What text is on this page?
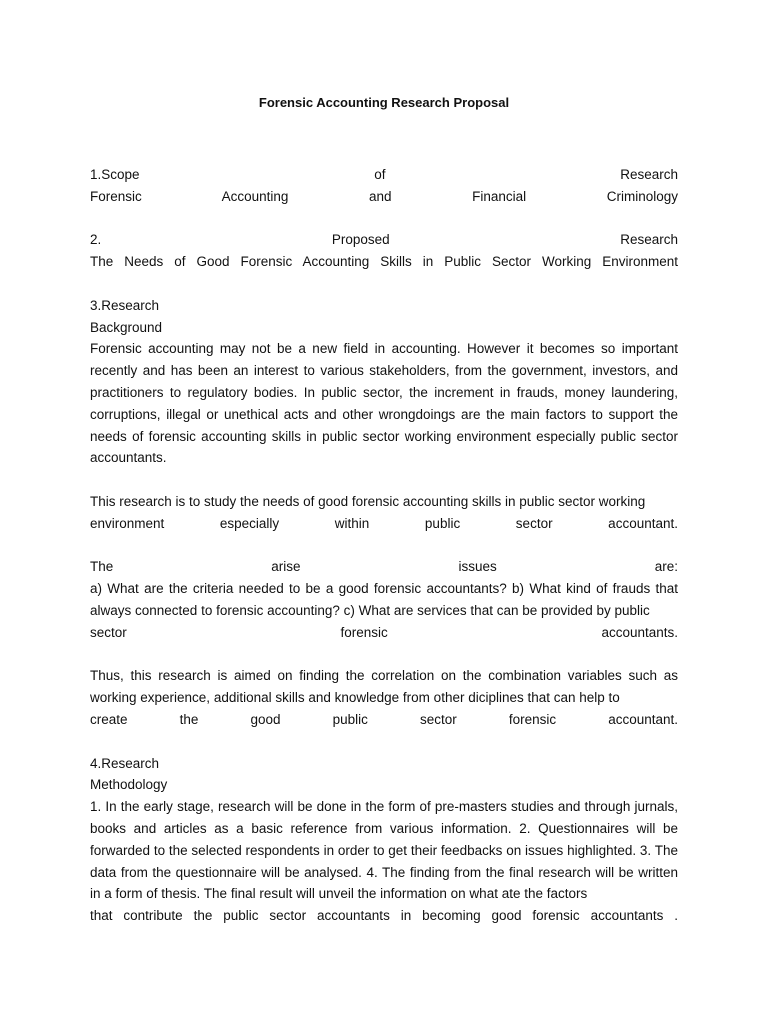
Forensic Accounting Research Proposal
1.Scope of Research
Forensic Accounting and Financial Criminology
2. Proposed Research
The Needs of Good Forensic Accounting Skills in Public Sector Working Environment
3.Research
Background

Forensic accounting may not be a new field in accounting. However it becomes so important recently and has been an interest to various stakeholders, from the government, investors, and practitioners to regulatory bodies. In public sector, the increment in frauds, money laundering, corruptions, illegal or unethical acts and other wrongdoings are the main factors to support the needs of forensic accounting skills in public sector working environment especially public sector accountants.

This research is to study the needs of good forensic accounting skills in public sector working

environment especially within public sector accountant.
The arise issues are:

a) What are the criteria needed to be a good forensic accountants? b) What kind of frauds that always connected to forensic accounting? c) What are services that can be provided by public

sector forensic accountants.

Thus, this research is aimed on finding the correlation on the combination variables such as working experience, additional skills and knowledge from other diciplines that can help to

create the good public sector forensic accountant.
4.Research
Methodology

1. In the early stage, research will be done in the form of pre-masters studies and through jurnals, books and articles as a basic reference from various information. 2. Questionnaires will be forwarded to the selected respondents in order to get their feedbacks on issues highlighted. 3. The data from the questionnaire will be analysed. 4. The finding from the final research will be written in a form of thesis. The final result will unveil the information on what ate the factors

that contribute the public sector accountants in becoming good forensic accountants .
